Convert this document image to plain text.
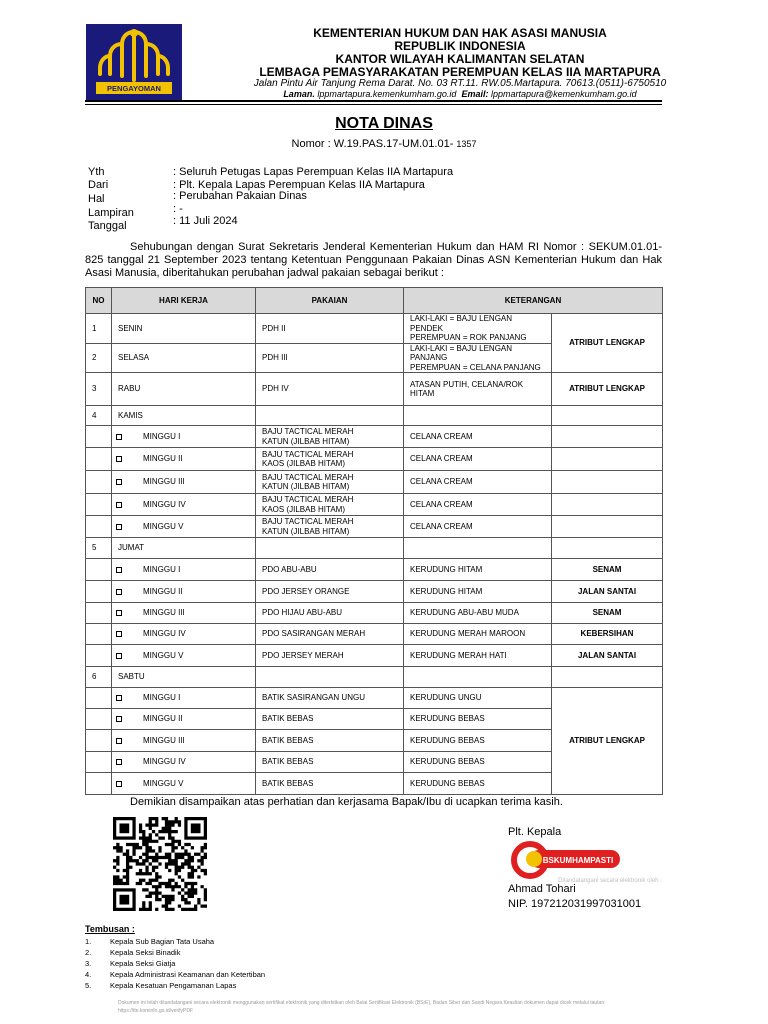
PENGAYOMAN
KEMENTERIAN HUKUM DAN HAK ASASI MANUSIA
REPUBLIK INDONESIA
KANTOR WILAYAH KALIMANTAN SELATAN
LEMBAGA PEMASYARAKATAN PEREMPUAN KELAS IIA MARTAPURA
Jalan Pintu Air Tanjung Rema Darat. No. 03 RT.11. RW.05.Martapura. 70613.(0511)-6750510
Laman. lppmartapura.kemenkumham.go.id Email: lppmartapura@kemenkumham.go.id
NOTA DINAS
Nomor : W.19.PAS.17-UM.01.01- 1357
Yth	: Seluruh Petugas Lapas Perempuan Kelas IIA Martapura
Dari	: Plt. Kepala Lapas Perempuan Kelas IIA Martapura
Hal	: Perubahan Pakaian Dinas
Lampiran	: -
Tanggal	: 11 Juli 2024

Sehubungan dengan Surat Sekretaris Jenderal Kementerian Hukum dan HAM RI Nomor : SEKUM.01.01-825 tanggal 21 September 2023 tentang Ketentuan Penggunaan Pakaian Dinas ASN Kementerian Hukum dan Hak Asasi Manusia, diberitahukan perubahan jadwal pakaian sebagai berikut :

NO	HARI KERJA	PAKAIAN	KETERANGAN	
1	SENIN	PDH II	LAKI-LAKI = BAJU LENGAN PENDEK
PEREMPUAN = ROK PANJANG	ATRIBUT LENGKAP
2	SELASA	PDH III	LAKI-LAKI = BAJU LENGAN PANJANG
PEREMPUAN = CELANA PANJANG	

3	RABU	PDH IV	ATASAN PUTIH, CELANA/ROK HITAM	ATRIBUT LENGKAP
4	KAMIS			
	MINGGU I	BAJU TACTICAL MERAH
KATUN (JILBAB HITAM)	CELANA CREAM	
	MINGGU II	BAJU TACTICAL MERAH
KAOS (JILBAB HITAM)	CELANA CREAM	
	MINGGU III	BAJU TACTICAL MERAH
KATUN (JILBAB HITAM)	CELANA CREAM	
	MINGGU IV	BAJU TACTICAL MERAH
KAOS (JILBAB HITAM)	CELANA CREAM	
	MINGGU V	BAJU TACTICAL MERAH
KATUN (JILBAB HITAM)	CELANA CREAM	
5	JUMAT			
	MINGGU I	PDO ABU-ABU	KERUDUNG HITAM	SENAM
	MINGGU II	PDO JERSEY ORANGE	KERUDUNG HITAM	JALAN SANTAI
	MINGGU III	PDO HIJAU ABU-ABU	KERUDUNG ABU-ABU MUDA	SENAM
	MINGGU IV	PDO SASIRANGAN MERAH	KERUDUNG MERAH MAROON	KEBERSIHAN
	MINGGU V	PDO JERSEY MERAH	KERUDUNG MERAH HATI	JALAN SANTAI
6	SABTU			
	MINGGU I	BATIK SASIRANGAN UNGU	KERUDUNG UNGU	ATRIBUT LENGKAP
	MINGGU II	BATIK BEBAS	KERUDUNG BEBAS	
	MINGGU III	BATIK BEBAS	KERUDUNG BEBAS	
	MINGGU IV	BATIK BEBAS	KERUDUNG BEBAS	
	MINGGU V	BATIK BEBAS	KERUDUNG BEBAS	
Demikian disampaikan atas perhatian dan kerjasama Bapak/Ibu di ucapkan terima kasih.
Plt. Kepala
BSKUMHAMPASTI
Ditandatangani secara elektronik oleh :
Ahmad Tohari
NIP. 197212031997031001
Tembusan :
1. Kepala Sub Bagian Tata Usaha
2. Kepala Seksi Binadik
3. Kepala Seksi Giatja
4. Kepala Administrasi Keamanan dan Ketertiban
5. Kepala Kesatuan Pengamanan Lapas
Dokumen ini telah ditandatangani secara elektronik menggunakan sertifikat elektronik yang diterbitkan oleh Balai Sertifikasi Elektronik (BSrE), Badan Siber dan Sandi Negara Keaslian dokumen dapat dicek melalui tautan: https://tte.kominfo.go.id/verifyPDF
